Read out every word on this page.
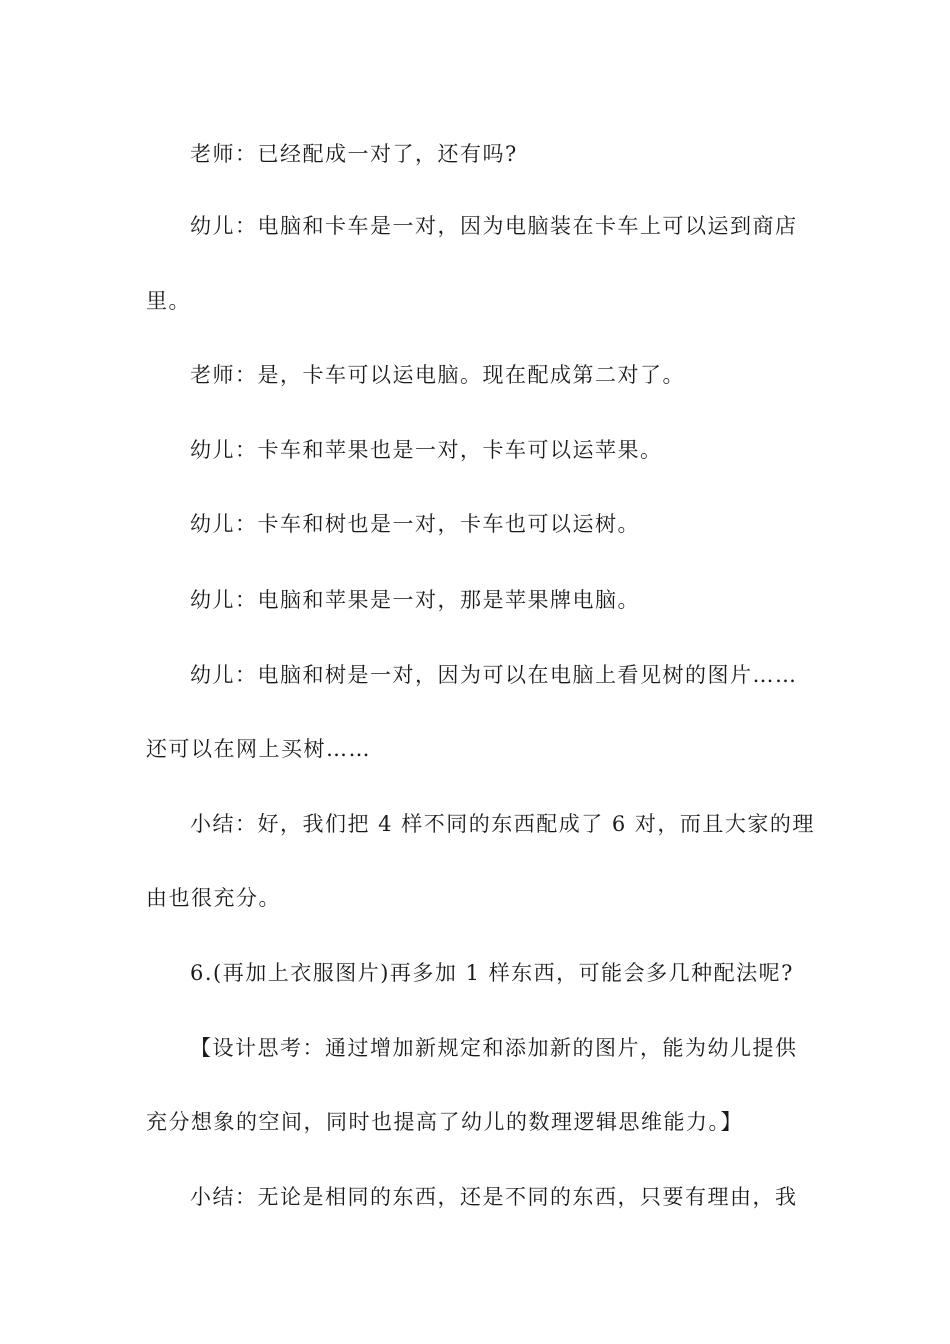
老师：已经配成一对了，还有吗?

幼儿：电脑和卡车是一对，因为电脑装在卡车上可以运到商店

里。

老师：是，卡车可以运电脑。现在配成第二对了。

幼儿：卡车和苹果也是一对，卡车可以运苹果。

幼儿：卡车和树也是一对，卡车也可以运树。

幼儿：电脑和苹果是一对，那是苹果牌电脑。

幼儿：电脑和树是一对，因为可以在电脑上看见树的图片……

还可以在网上买树……

小结：好，我们把 4 样不同的东西配成了 6 对，而且大家的理

由也很充分。

6.(再加上衣服图片)再多加 1 样东西，可能会多几种配法呢?

【设计思考：通过增加新规定和添加新的图片，能为幼儿提供

充分想象的空间，同时也提高了幼儿的数理逻辑思维能力。】

小结：无论是相同的东西，还是不同的东西，只要有理由，我
